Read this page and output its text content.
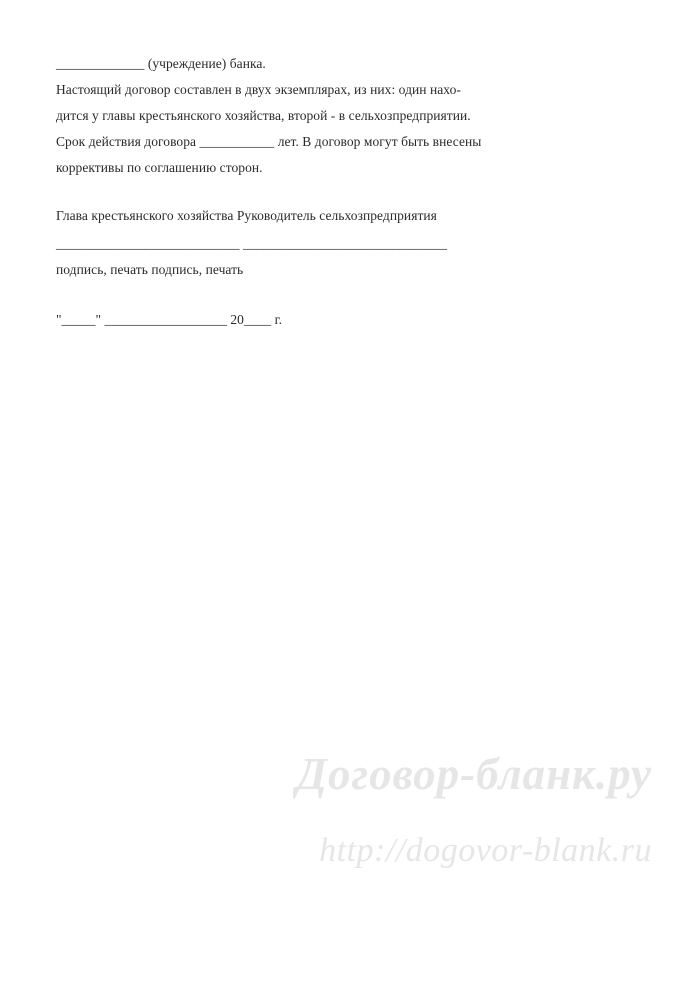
_____________ (учреждение) банка.
Настоящий договор составлен в двух экземплярах, из них: один нахо-
дится у главы крестьянского хозяйства, второй - в сельхозпредприятии.
Срок действия договора ___________ лет. В договор могут быть внесены
коррективы по соглашению сторон.
Глава крестьянского хозяйства Руководитель сельхозпредприятия
___________________________ ______________________________
подпись, печать подпись, печать
"_____" __________________ 20____ г.
Договор-бланк.ру
http://dogovor-blank.ru
